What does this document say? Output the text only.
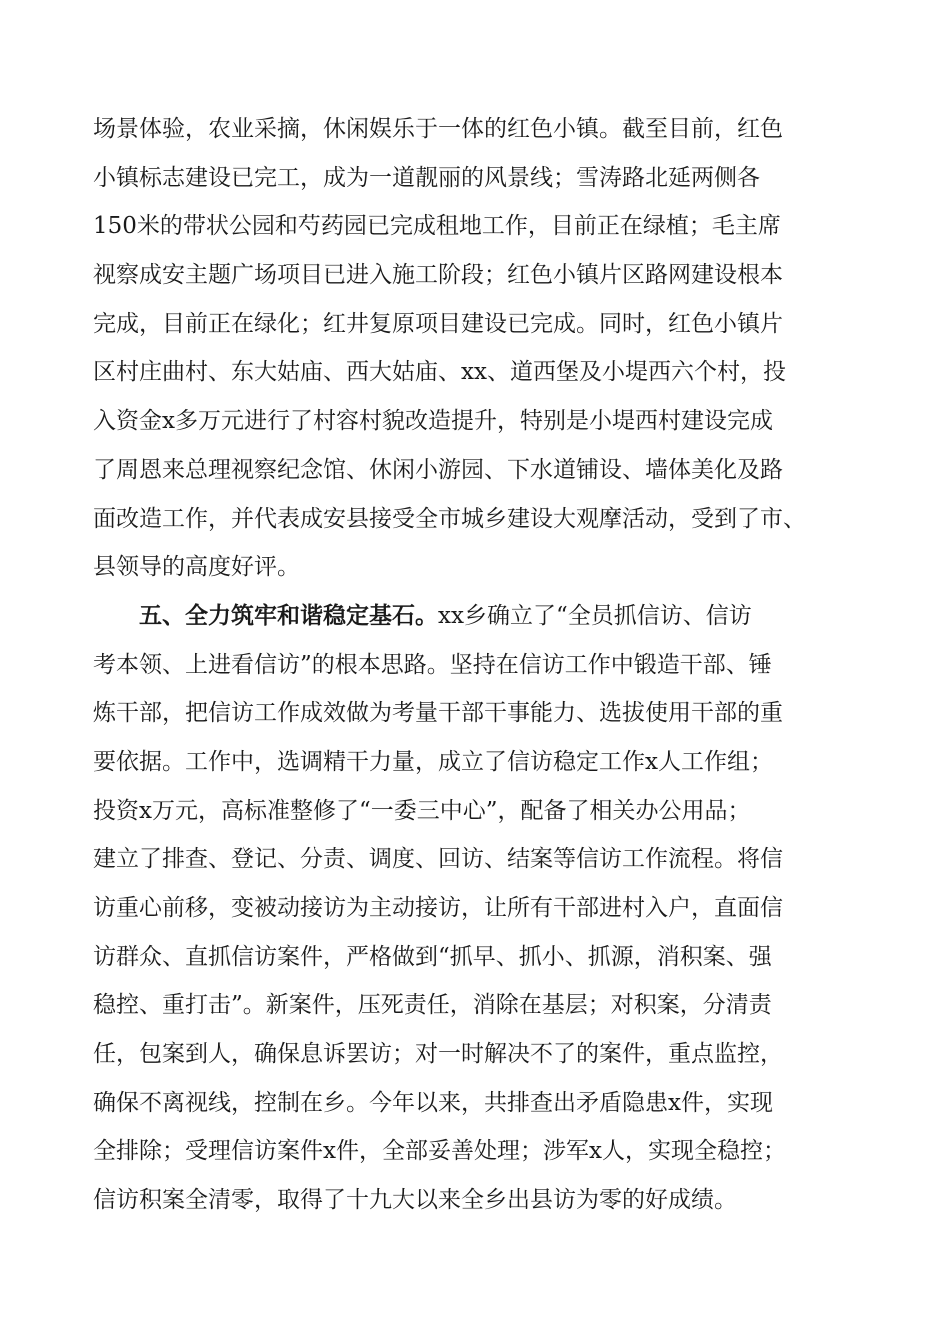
场景体验，农业采摘，休闲娱乐于一体的红色小镇。截至目前，红色
小镇标志建设已完工，成为一道靓丽的风景线；雪涛路北延两侧各
150米的带状公园和芍药园已完成租地工作，目前正在绿植；毛主席
视察成安主题广场项目已进入施工阶段；红色小镇片区路网建设根本
完成，目前正在绿化；红井复原项目建设已完成。同时，红色小镇片
区村庄曲村、东大姑庙、西大姑庙、xx、道西堡及小堤西六个村，投
入资金x多万元进行了村容村貌改造提升，特别是小堤西村建设完成
了周恩来总理视察纪念馆、休闲小游园、下水道铺设、墙体美化及路
面改造工作，并代表成安县接受全市城乡建设大观摩活动，受到了市、
县领导的高度好评。
五、全力筑牢和谐稳定基石。xx乡确立了“全员抓信访、信访
考本领、上进看信访”的根本思路。坚持在信访工作中锻造干部、锤
炼干部，把信访工作成效做为考量干部干事能力、选拔使用干部的重
要依据。工作中，选调精干力量，成立了信访稳定工作x人工作组；
投资x万元，高标准整修了“一委三中心”，配备了相关办公用品；
建立了排查、登记、分责、调度、回访、结案等信访工作流程。将信
访重心前移，变被动接访为主动接访，让所有干部进村入户，直面信
访群众、直抓信访案件，严格做到“抓早、抓小、抓源，消积案、强
稳控、重打击”。新案件，压死责任，消除在基层；对积案，分清责
任，包案到人，确保息诉罢访；对一时解决不了的案件，重点监控，
确保不离视线，控制在乡。今年以来，共排查出矛盾隐患x件，实现
全排除；受理信访案件x件，全部妥善处理；涉军x人，实现全稳控；
信访积案全清零，取得了十九大以来全乡出县访为零的好成绩。
